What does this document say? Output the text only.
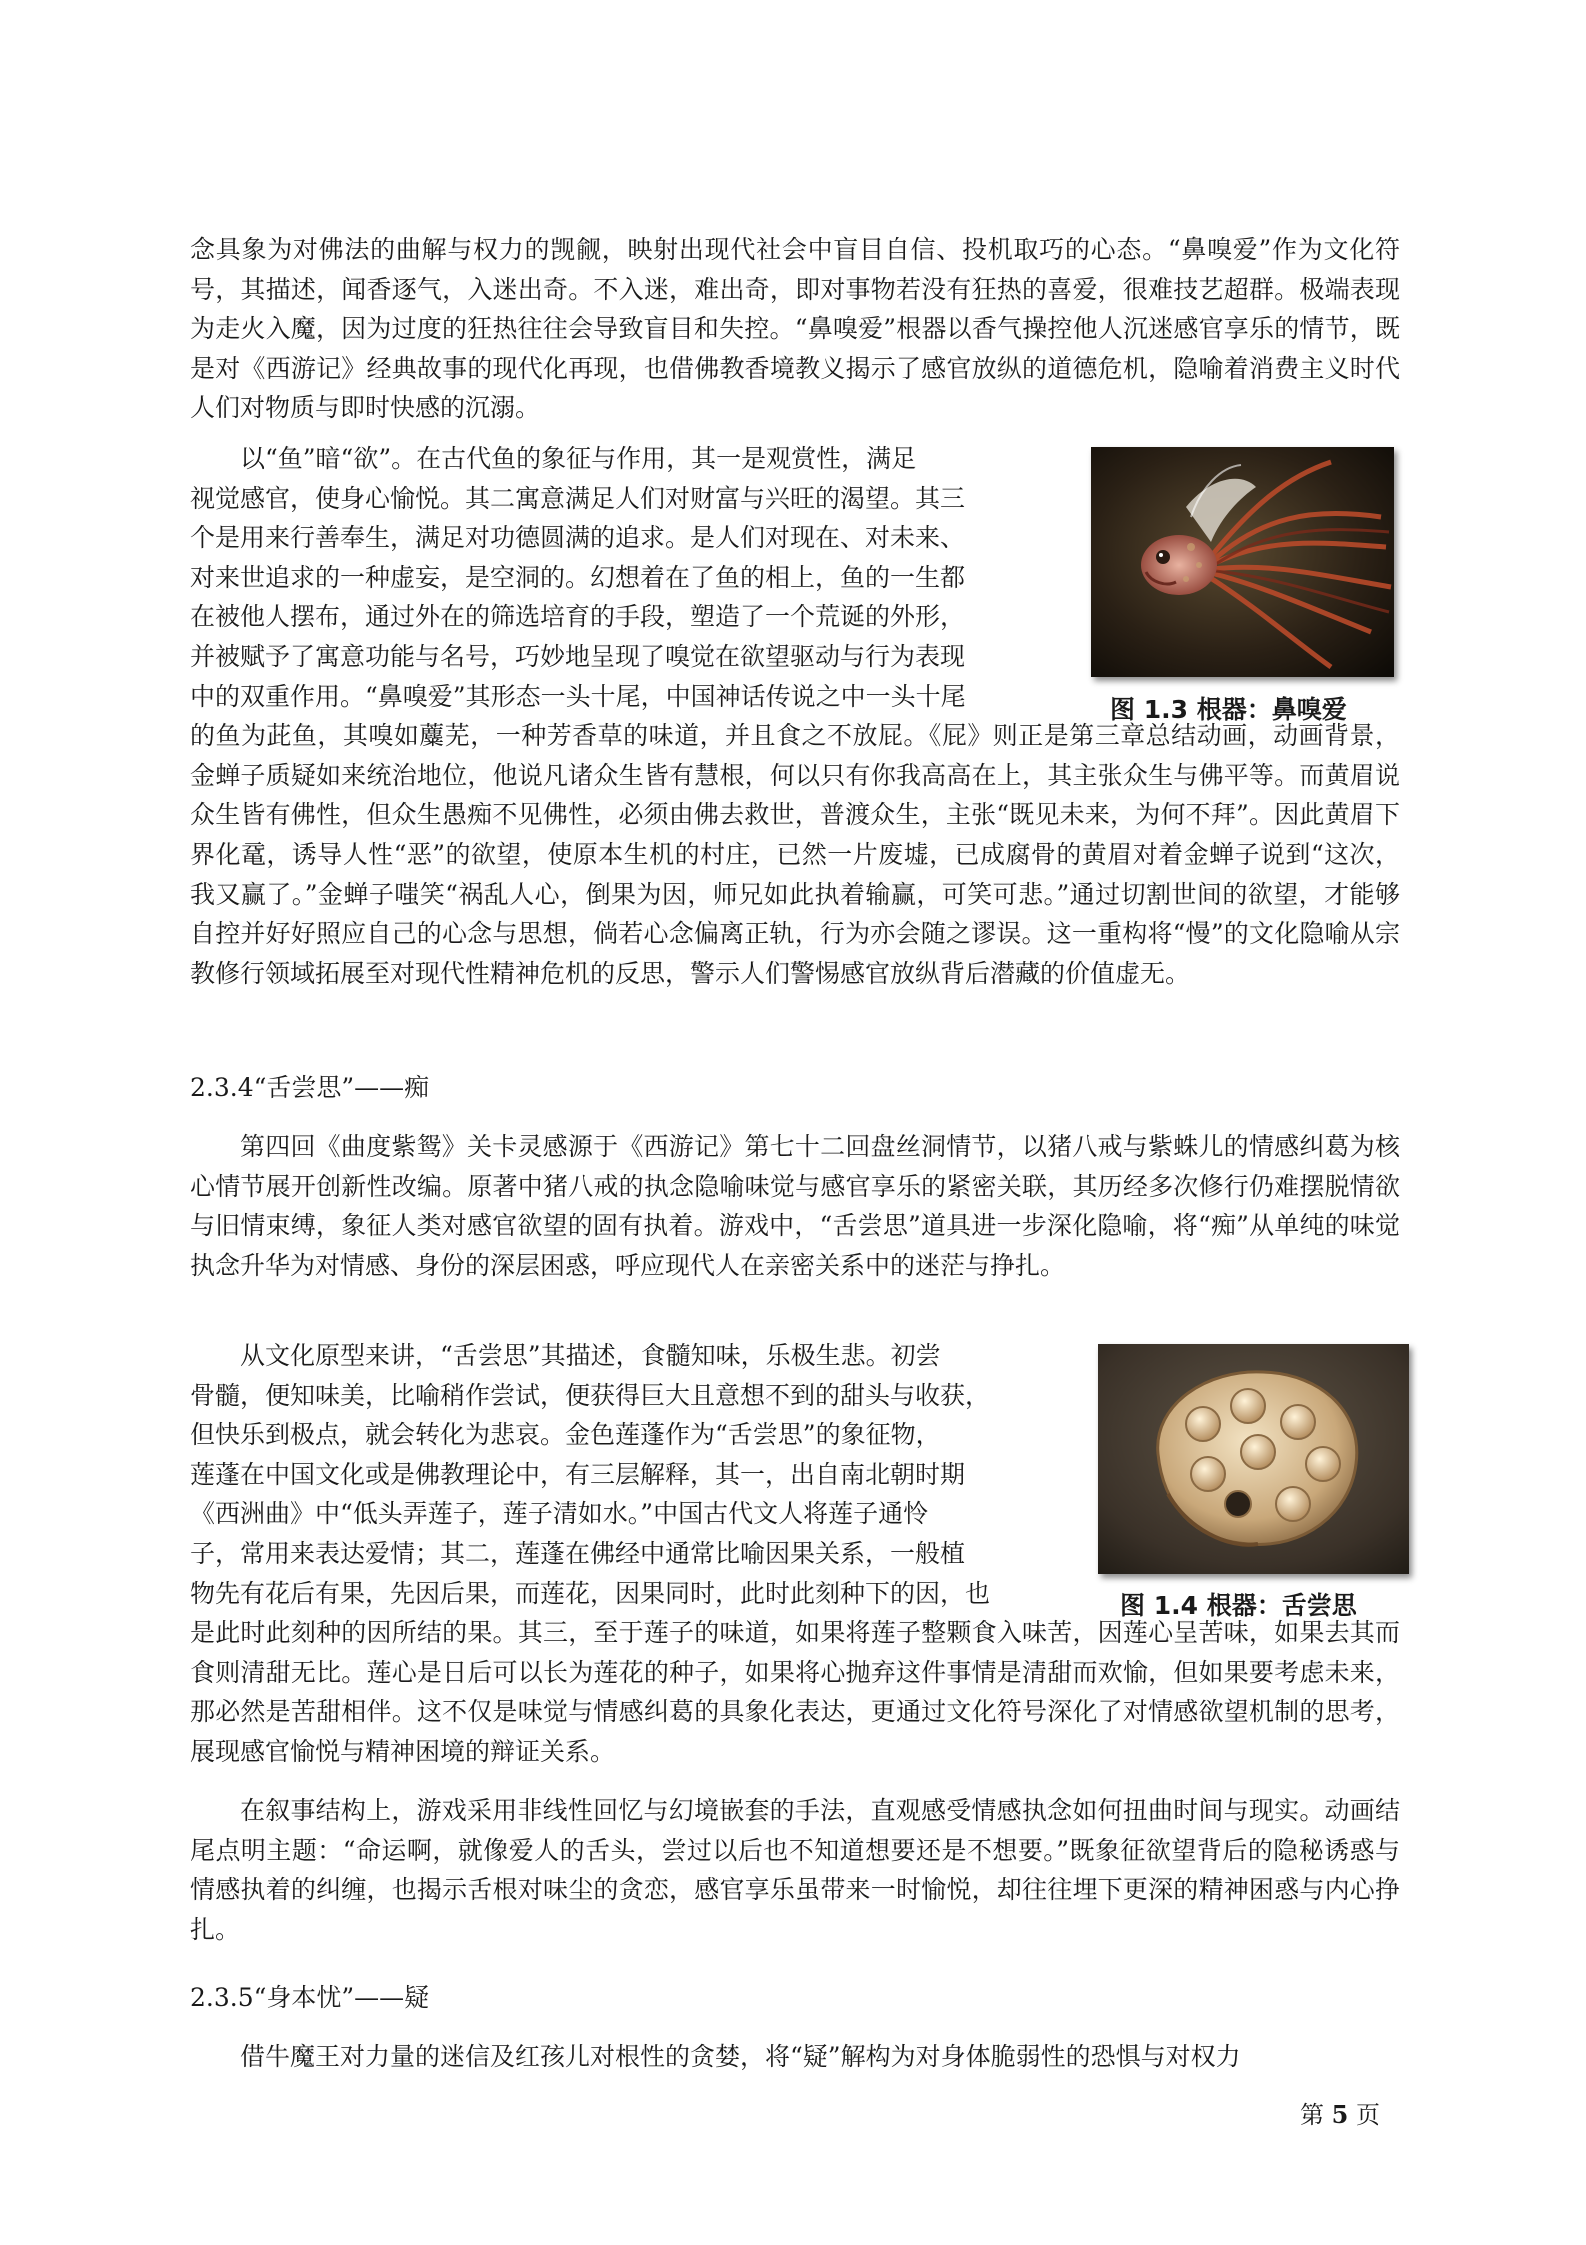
念具象为对佛法的曲解与权力的觊觎，映射出现代社会中盲目自信、投机取巧的心态。“鼻嗅爱”作为文化符号，其描述，闻香逐气，入迷出奇。不入迷，难出奇，即对事物若没有狂热的喜爱，很难技艺超群。极端表现为走火入魔，因为过度的狂热往往会导致盲目和失控。“鼻嗅爱”根器以香气操控他人沉迷感官享乐的情节，既是对《西游记》经典故事的现代化再现，也借佛教香境教义揭示了感官放纵的道德危机，隐喻着消费主义时代人们对物质与即时快感的沉溺。

以“鱼”暗“欲”。在古代鱼的象征与作用，其一是观赏性，满足
视觉感官，使身心愉悦。其二寓意满足人们对财富与兴旺的渴望。其三
个是用来行善奉生，满足对功德圆满的追求。是人们对现在、对未来、
对来世追求的一种虚妄，是空洞的。幻想着在了鱼的相上，鱼的一生都
在被他人摆布，通过外在的筛选培育的手段，塑造了一个荒诞的外形，
并被赋予了寓意功能与名号，巧妙地呈现了嗅觉在欲望驱动与行为表现
中的双重作用。“鼻嗅爱”其形态一头十尾，中国神话传说之中一头十尾

的鱼为茈鱼，其嗅如蘪芜，一种芳香草的味道，并且食之不放屁。《屁》则正是第三章总结动画，动画背景，金蝉子质疑如来统治地位，他说凡诸众生皆有慧根，何以只有你我高高在上，其主张众生与佛平等。而黄眉说众生皆有佛性，但众生愚痴不见佛性，必须由佛去救世，普渡众生，主张“既见未来，为何不拜”。因此黄眉下界化鼋，诱导人性“恶”的欲望，使原本生机的村庄，已然一片废墟，已成腐骨的黄眉对着金蝉子说到“这次，我又赢了。”金蝉子嗤笑“祸乱人心，倒果为因，师兄如此执着输赢，可笑可悲。”通过切割世间的欲望，才能够自控并好好照应自己的心念与思想，倘若心念偏离正轨，行为亦会随之谬误。这一重构将“慢”的文化隐喻从宗教修行领域拓展至对现代性精神危机的反思，警示人们警惕感官放纵背后潜藏的价值虚无。

图 1.3 根器：鼻嗅爱
2.3.4“舌尝思”——痴

第四回《曲度紫鸳》关卡灵感源于《西游记》第七十二回盘丝洞情节，以猪八戒与紫蛛儿的情感纠葛为核心情节展开创新性改编。原著中猪八戒的执念隐喻味觉与感官享乐的紧密关联，其历经多次修行仍难摆脱情欲与旧情束缚，象征人类对感官欲望的固有执着。游戏中，“舌尝思”道具进一步深化隐喻，将“痴”从单纯的味觉执念升华为对情感、身份的深层困惑，呼应现代人在亲密关系中的迷茫与挣扎。

从文化原型来讲，“舌尝思”其描述，食髓知味，乐极生悲。初尝
骨髓，便知味美，比喻稍作尝试，便获得巨大且意想不到的甜头与收获，
但快乐到极点，就会转化为悲哀。金色莲蓬作为“舌尝思”的象征物，
莲蓬在中国文化或是佛教理论中，有三层解释，其一，出自南北朝时期
《西洲曲》中“低头弄莲子，莲子清如水。”中国古代文人将莲子通怜
子，常用来表达爱情；其二，莲蓬在佛经中通常比喻因果关系，一般植
物先有花后有果，先因后果，而莲花，因果同时，此时此刻种下的因，也

是此时此刻种的因所结的果。其三，至于莲子的味道，如果将莲子整颗食入味苦，因莲心呈苦味，如果去其而食则清甜无比。莲心是日后可以长为莲花的种子，如果将心抛弃这件事情是清甜而欢愉，但如果要考虑未来，那必然是苦甜相伴。这不仅是味觉与情感纠葛的具象化表达，更通过文化符号深化了对情感欲望机制的思考，展现感官愉悦与精神困境的辩证关系。

图 1.4 根器：舌尝思

在叙事结构上，游戏采用非线性回忆与幻境嵌套的手法，直观感受情感执念如何扭曲时间与现实。动画结尾点明主题：“命运啊，就像爱人的舌头，尝过以后也不知道想要还是不想要。”既象征欲望背后的隐秘诱惑与情感执着的纠缠，也揭示舌根对味尘的贪恋，感官享乐虽带来一时愉悦，却往往埋下更深的精神困惑与内心挣扎。

2.3.5“身本忧”——疑

借牛魔王对力量的迷信及红孩儿对根性的贪婪，将“疑”解构为对身体脆弱性的恐惧与对权力

第 5 页
